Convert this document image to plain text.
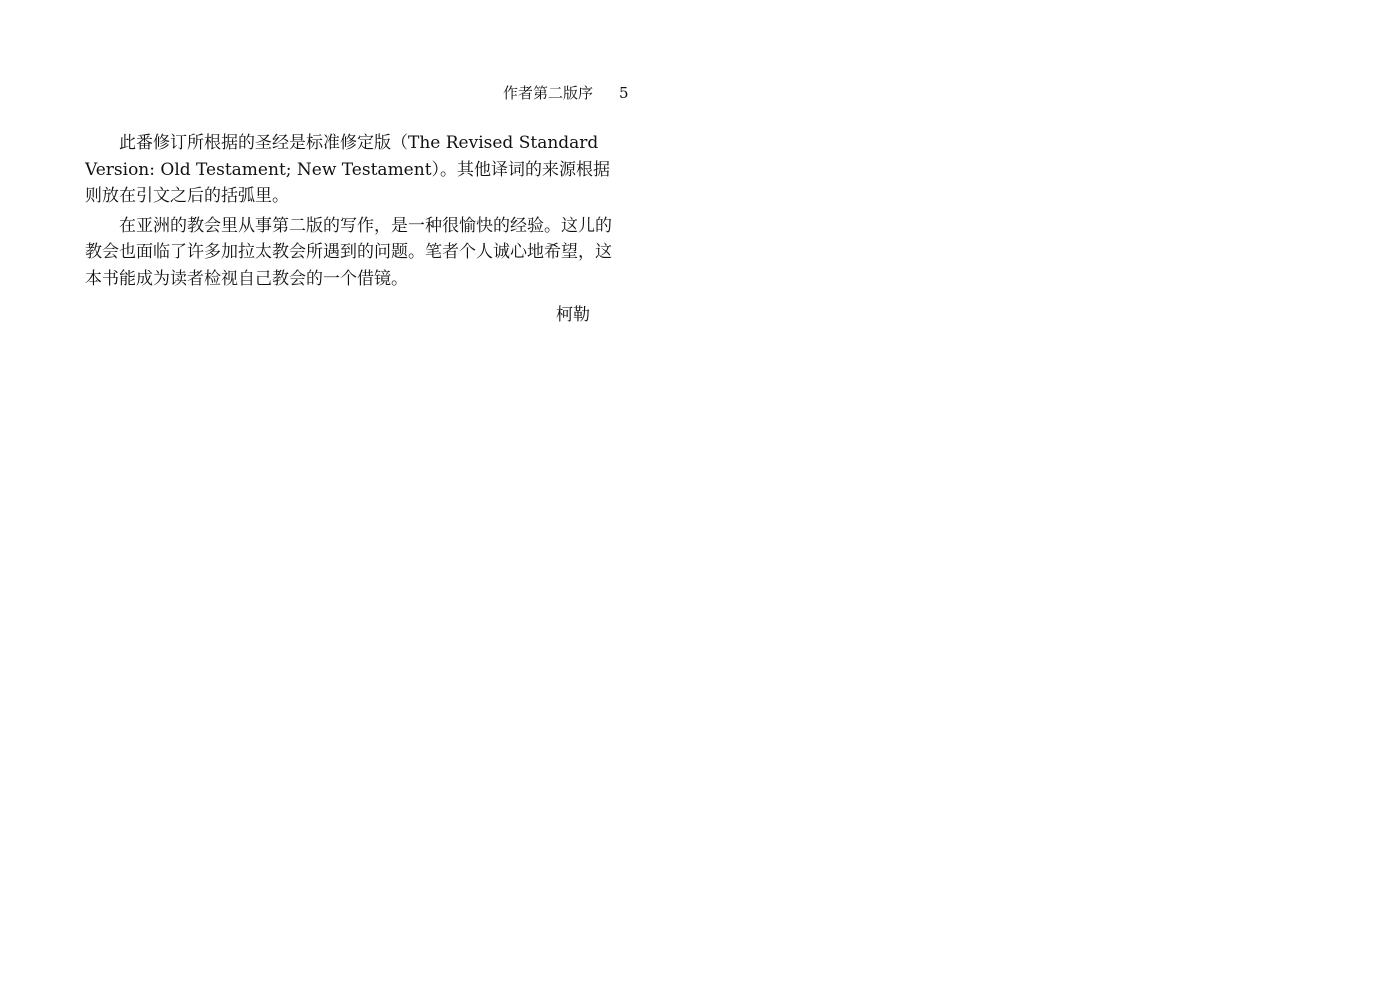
作者第二版序 5

此番修订所根据的圣经是标准修定版（The Revised Standard Version: Old Testament; New Testament）。其他译词的来源根据则放在引文之后的括弧里。

在亚洲的教会里从事第二版的写作，是一种很愉快的经验。这儿的教会也面临了许多加拉太教会所遇到的问题。笔者个人诚心地希望，这本书能成为读者检视自己教会的一个借镜。

柯勒
